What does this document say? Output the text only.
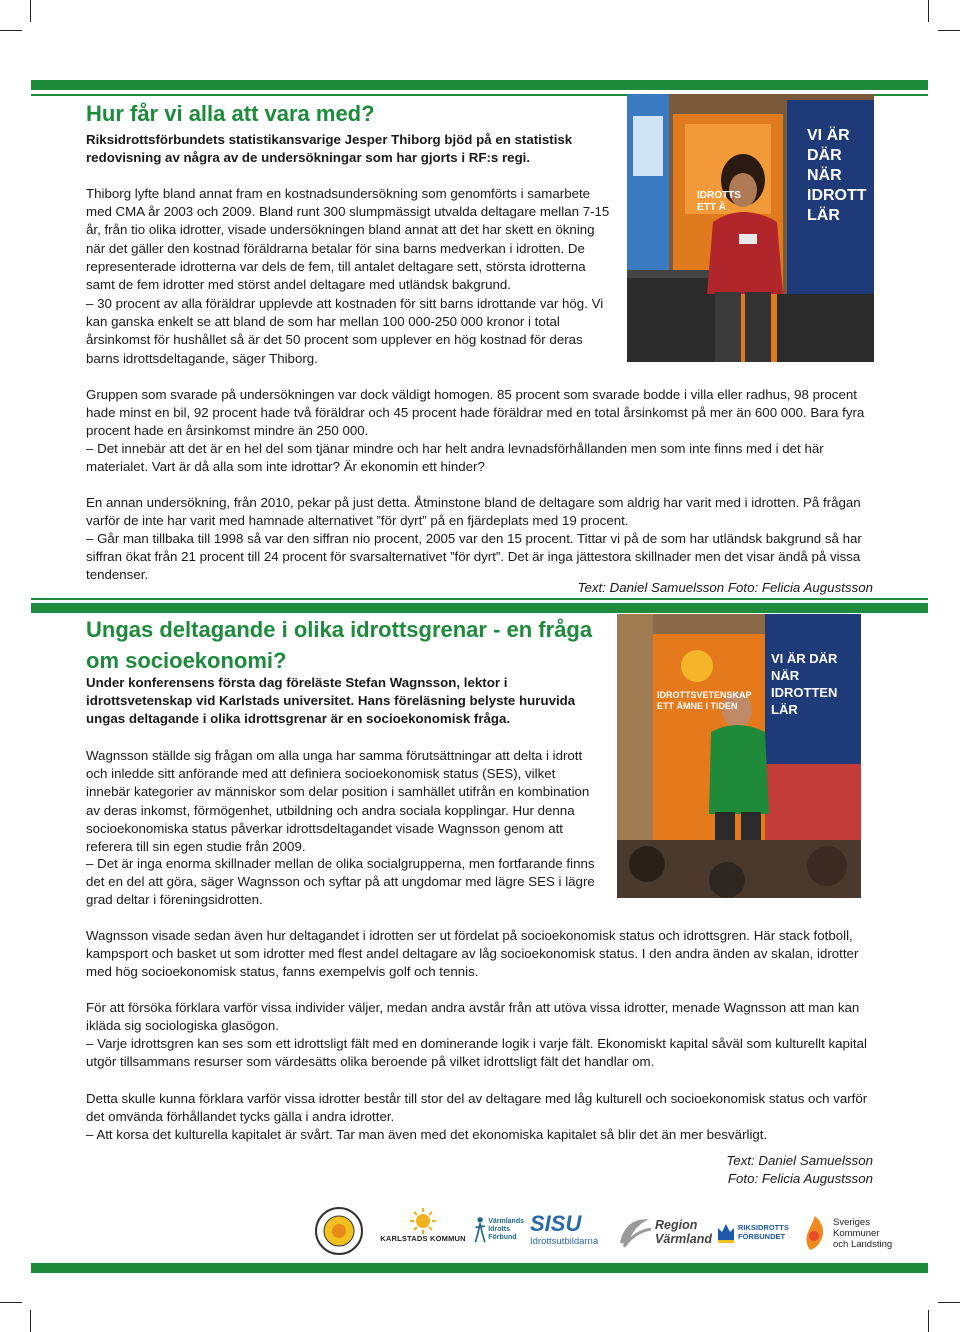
Hur får vi alla att vara med?

Riksidrottsförbundets statistikansvarige Jesper Thiborg bjöd på en statistisk redovisning av några av de undersökningar som har gjorts i RF:s regi.

Thiborg lyfte bland annat fram en kostnadsundersökning som genomförts i samarbete med CMA år 2003 och 2009. Bland runt 300 slumpmässigt utvalda deltagare mellan 7-15 år, från tio olika idrotter, visade undersökningen bland annat att det har skett en ökning när det gäller den kostnad föräldrarna betalar för sina barns medverkan i idrotten. De representerade idrotterna var dels de fem, till antalet deltagare sett, största idrotterna samt de fem idrotter med störst andel deltagare med utländsk bakgrund.

– 30 procent av alla föräldrar upplevde att kostnaden för sitt barns idrottande var hög. Vi kan ganska enkelt se att bland de som har mellan 100 000-250 000 kronor i total årsinkomst för hushållet så är det 50 procent som upplever en hög kostnad för deras barns idrottsdeltagande, säger Thiborg.

VI ÄR DÄR NÄR IDROTT LÄR
IDROTTS ETT Ä

Gruppen som svarade på undersökningen var dock väldigt homogen. 85 procent som svarade bodde i villa eller radhus, 98 procent hade minst en bil, 92 procent hade två föräldrar och 45 procent hade föräldrar med en total årsinkomst på mer än 600 000. Bara fyra procent hade en årsinkomst mindre än 250 000.

– Det innebär att det är en hel del som tjänar mindre och har helt andra levnadsförhållanden men som inte finns med i det här materialet. Vart är då alla som inte idrottar? Är ekonomin ett hinder?

En annan undersökning, från 2010, pekar på just detta. Åtminstone bland de deltagare som aldrig har varit med i idrotten. På frågan varför de inte har varit med hamnade alternativet ”för dyrt” på en fjärdeplats med 19 procent.

– Går man tillbaka till 1998 så var den siffran nio procent, 2005 var den 15 procent. Tittar vi på de som har utländsk bakgrund så har siffran ökat från 21 procent till 24 procent för svarsalternativet ”för dyrt”. Det är inga jättestora skillnader men det visar ändå på vissa tendenser.

Text: Daniel Samuelsson Foto: Felicia Augustsson

Ungas deltagande i olika idrottsgrenar - en fråga om socioekonomi?

Under konferensens första dag föreläste Stefan Wagnsson, lektor i idrottsvetenskap vid Karlstads universitet. Hans föreläsning belyste huruvida ungas deltagande i olika idrottsgrenar är en socioekonomisk fråga.

Wagnsson ställde sig frågan om alla unga har samma förutsättningar att delta i idrott och inledde sitt anförande med att definiera socioekonomisk status (SES), vilket innebär kategorier av människor som delar position i samhället utifrån en kombination av deras inkomst, förmögenhet, utbildning och andra sociala kopplingar. Hur denna socioekonomiska status påverkar idrottsdeltagandet visade Wagnsson genom att referera till sin egen studie från 2009.

– Det är inga enorma skillnader mellan de olika socialgrupperna, men fortfarande finns det en del att göra, säger Wagnsson och syftar på att ungdomar med lägre SES i lägre grad deltar i föreningsidrotten.

VI ÄR DÄR NÄR IDROTTEN LÄR
IDROTTSVETENSKAP ETT ÄMNE I TIDEN

Wagnsson visade sedan även hur deltagandet i idrotten ser ut fördelat på socioekonomisk status och idrottsgren. Här stack fotboll, kampsport och basket ut som idrotter med flest andel deltagare av låg socioekonomisk status. I den andra änden av skalan, idrotter med hög socioekonomisk status, fanns exempelvis golf och tennis.

För att försöka förklara varför vissa individer väljer, medan andra avstår från att utöva vissa idrotter, menade Wagnsson att man kan ikläda sig sociologiska glasögon.

– Varje idrottsgren kan ses som ett idrottsligt fält med en dominerande logik i varje fält. Ekonomiskt kapital såväl som kulturellt kapital utgör tillsammans resurser som värdesätts olika beroende på vilket idrottsligt fält det handlar om.

Detta skulle kunna förklara varför vissa idrotter består till stor del av deltagare med låg kulturell och socioekonomisk status och varför det omvända förhållandet tycks gälla i andra idrotter.

– Att korsa det kulturella kapitalet är svårt. Tar man även med det ekonomiska kapitalet så blir det än mer besvärligt.

Text: Daniel Samuelsson

Foto: Felicia Augustsson

KARLSTADS KOMMUN
Värmlands
Idrotts
Förbund
SISU
Idrottsutbildarna
Region
Värmland
RIKSIDROTTS
FÖRBUNDET
Sveriges
Kommuner
och Landsting
